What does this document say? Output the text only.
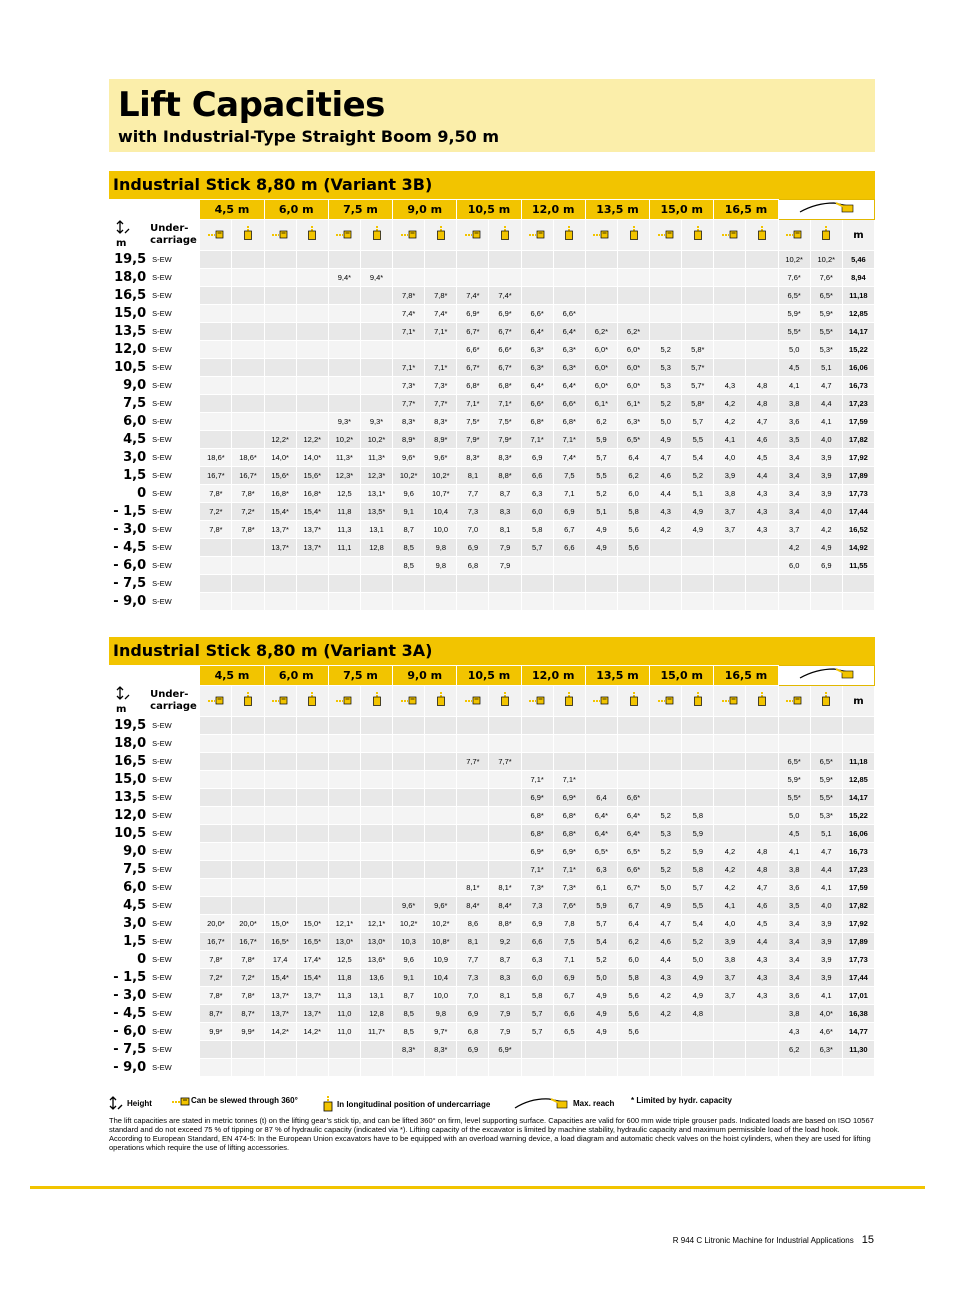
Lift Capacities
with Industrial-Type Straight Boom 9,50 m
Industrial Stick 8,80 m (Variant 3B)
		4,5 m		6,0 m		7,5 m		9,0 m		10,5 m		12,0 m		13,5 m		15,0 m		16,5 m	

m	Under-
carriage																					m
19,5	S-EW																			10,2*	10,2*	5,46
18,0	S-EW					9,4*	9,4*													7,6*	7,6*	8,94
16,5	S-EW							7,8*	7,8*	7,4*	7,4*									6,5*	6,5*	11,18
15,0	S-EW							7,4*	7,4*	6,9*	6,9*	6,6*	6,6*							5,9*	5,9*	12,85
13,5	S-EW							7,1*	7,1*	6,7*	6,7*	6,4*	6,4*	6,2*	6,2*					5,5*	5,5*	14,17
12,0	S-EW									6,6*	6,6*	6,3*	6,3*	6,0*	6,0*	5,2	5,8*			5,0	5,3*	15,22
10,5	S-EW							7,1*	7,1*	6,7*	6,7*	6,3*	6,3*	6,0*	6,0*	5,3	5,7*			4,5	5,1	16,06
9,0	S-EW							7,3*	7,3*	6,8*	6,8*	6,4*	6,4*	6,0*	6,0*	5,3	5,7*	4,3	4,8	4,1	4,7	16,73
7,5	S-EW							7,7*	7,7*	7,1*	7,1*	6,6*	6,6*	6,1*	6,1*	5,2	5,8*	4,2	4,8	3,8	4,4	17,23
6,0	S-EW					9,3*	9,3*	8,3*	8,3*	7,5*	7,5*	6,8*	6,8*	6,2	6,3*	5,0	5,7	4,2	4,7	3,6	4,1	17,59
4,5	S-EW			12,2*	12,2*	10,2*	10,2*	8,9*	8,9*	7,9*	7,9*	7,1*	7,1*	5,9	6,5*	4,9	5,5	4,1	4,6	3,5	4,0	17,82
3,0	S-EW	18,6*	18,6*	14,0*	14,0*	11,3*	11,3*	9,6*	9,6*	8,3*	8,3*	6,9	7,4*	5,7	6,4	4,7	5,4	4,0	4,5	3,4	3,9	17,92
1,5	S-EW	16,7*	16,7*	15,6*	15,6*	12,3*	12,3*	10,2*	10,2*	8,1	8,8*	6,6	7,5	5,5	6,2	4,6	5,2	3,9	4,4	3,4	3,9	17,89
0	S-EW	7,8*	7,8*	16,8*	16,8*	12,5	13,1*	9,6	10,7*	7,7	8,7	6,3	7,1	5,2	6,0	4,4	5,1	3,8	4,3	3,4	3,9	17,73
- 1,5	S-EW	7,2*	7,2*	15,4*	15,4*	11,8	13,5*	9,1	10,4	7,3	8,3	6,0	6,9	5,1	5,8	4,3	4,9	3,7	4,3	3,4	4,0	17,44
- 3,0	S-EW	7,8*	7,8*	13,7*	13,7*	11,3	13,1	8,7	10,0	7,0	8,1	5,8	6,7	4,9	5,6	4,2	4,9	3,7	4,3	3,7	4,2	16,52
- 4,5	S-EW			13,7*	13,7*	11,1	12,8	8,5	9,8	6,9	7,9	5,7	6,6	4,9	5,6					4,2	4,9	14,92
- 6,0	S-EW							8,5	9,8	6,8	7,9									6,0	6,9	11,55
- 7,5	S-EW																					
- 9,0	S-EW																					
Industrial Stick 8,80 m (Variant 3A)
		4,5 m		6,0 m		7,5 m		9,0 m		10,5 m		12,0 m		13,5 m		15,0 m		16,5 m	

m	Under-
carriage																					m
19,5	S-EW																					
18,0	S-EW																					
16,5	S-EW									7,7*	7,7*									6,5*	6,5*	11,18
15,0	S-EW											7,1*	7,1*							5,9*	5,9*	12,85
13,5	S-EW											6,9*	6,9*	6,4	6,6*					5,5*	5,5*	14,17
12,0	S-EW											6,8*	6,8*	6,4*	6,4*	5,2	5,8			5,0	5,3*	15,22
10,5	S-EW											6,8*	6,8*	6,4*	6,4*	5,3	5,9			4,5	5,1	16,06
9,0	S-EW											6,9*	6,9*	6,5*	6,5*	5,2	5,9	4,2	4,8	4,1	4,7	16,73
7,5	S-EW											7,1*	7,1*	6,3	6,6*	5,2	5,8	4,2	4,8	3,8	4,4	17,23
6,0	S-EW									8,1*	8,1*	7,3*	7,3*	6,1	6,7*	5,0	5,7	4,2	4,7	3,6	4,1	17,59
4,5	S-EW							9,6*	9,6*	8,4*	8,4*	7,3	7,6*	5,9	6,7	4,9	5,5	4,1	4,6	3,5	4,0	17,82
3,0	S-EW	20,0*	20,0*	15,0*	15,0*	12,1*	12,1*	10,2*	10,2*	8,6	8,8*	6,9	7,8	5,7	6,4	4,7	5,4	4,0	4,5	3,4	3,9	17,92
1,5	S-EW	16,7*	16,7*	16,5*	16,5*	13,0*	13,0*	10,3	10,8*	8,1	9,2	6,6	7,5	5,4	6,2	4,6	5,2	3,9	4,4	3,4	3,9	17,89
0	S-EW	7,8*	7,8*	17,4	17,4*	12,5	13,6*	9,6	10,9	7,7	8,7	6,3	7,1	5,2	6,0	4,4	5,0	3,8	4,3	3,4	3,9	17,73
- 1,5	S-EW	7,2*	7,2*	15,4*	15,4*	11,8	13,6	9,1	10,4	7,3	8,3	6,0	6,9	5,0	5,8	4,3	4,9	3,7	4,3	3,4	3,9	17,44
- 3,0	S-EW	7,8*	7,8*	13,7*	13,7*	11,3	13,1	8,7	10,0	7,0	8,1	5,8	6,7	4,9	5,6	4,2	4,9	3,7	4,3	3,6	4,1	17,01
- 4,5	S-EW	8,7*	8,7*	13,7*	13,7*	11,0	12,8	8,5	9,8	6,9	7,9	5,7	6,6	4,9	5,6	4,2	4,8			3,8	4,0*	16,38
- 6,0	S-EW	9,9*	9,9*	14,2*	14,2*	11,0	11,7*	8,5	9,7*	6,8	7,9	5,7	6,5	4,9	5,6					4,3	4,6*	14,77
- 7,5	S-EW							8,3*	8,3*	6,9	6,9*									6,2	6,3*	11,30
- 9,0	S-EW																					
Height	Can be slewed through 360°	In longitudinal position of undercarriage	Max. reach * Limited by hydr. capacity

The lift capacities are stated in metric tonnes (t) on the lifting gear’s stick tip, and can be lifted 360° on firm, level supporting surface. Capacities are valid for 600 mm wide triple grouser pads. Indicated loads are based on ISO 10567 standard and do not exceed 75 % of tipping or 87 % of hydraulic capacity (indicated via *). Lifting capacity of the excavator is limited by machine stability, hydraulic capacity and maximum permissible load of the load hook.

According to European Standard, EN 474-5: In the European Union excavators have to be equipped with an overload warning device, a load diagram and automatic check valves on the hoist cylinders, when they are used for lifting operations which require the use of lifting accessories.

R 944 C Litronic Machine for Industrial Applications 15
